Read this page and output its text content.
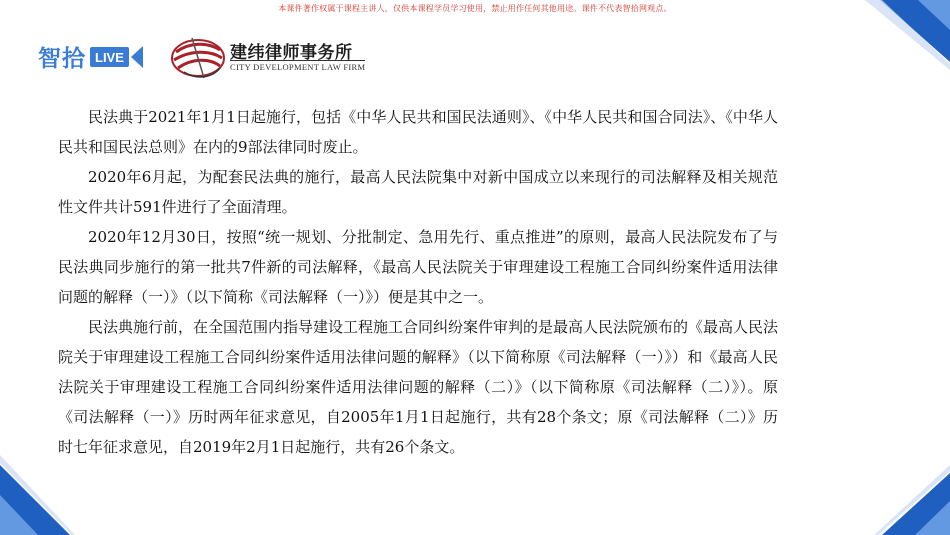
本课件著作权属于课程主讲人，仅供本课程学员学习使用，禁止用作任何其他用途。课件不代表智拾网观点。
智拾 LIVE	建纬律师事务所
CITY DEVELOPMENT LAW FIRM

民法典于2021年1月1日起施行，包括《中华人民共和国民法通则》、《中华人民共和国合同法》、《中华人民共和国民法总则》在内的9部法律同时废止。

2020年6月起，为配套民法典的施行，最高人民法院集中对新中国成立以来现行的司法解释及相关规范性文件共计591件进行了全面清理。

2020年12月30日，按照“统一规划、分批制定、急用先行、重点推进”的原则，最高人民法院发布了与民法典同步施行的第一批共7件新的司法解释，《最高人民法院关于审理建设工程施工合同纠纷案件适用法律问题的解释（一）》（以下简称《司法解释（一）》）便是其中之一。

民法典施行前，在全国范围内指导建设工程施工合同纠纷案件审判的是最高人民法院颁布的《最高人民法院关于审理建设工程施工合同纠纷案件适用法律问题的解释》（以下简称原《司法解释（一）》）和《最高人民法院关于审理建设工程施工合同纠纷案件适用法律问题的解释（二）》（以下简称原《司法解释（二）》）。原《司法解释（一）》历时两年征求意见，自2005年1月1日起施行，共有28个条文；原《司法解释（二）》历时七年征求意见，自2019年2月1日起施行，共有26个条文。
